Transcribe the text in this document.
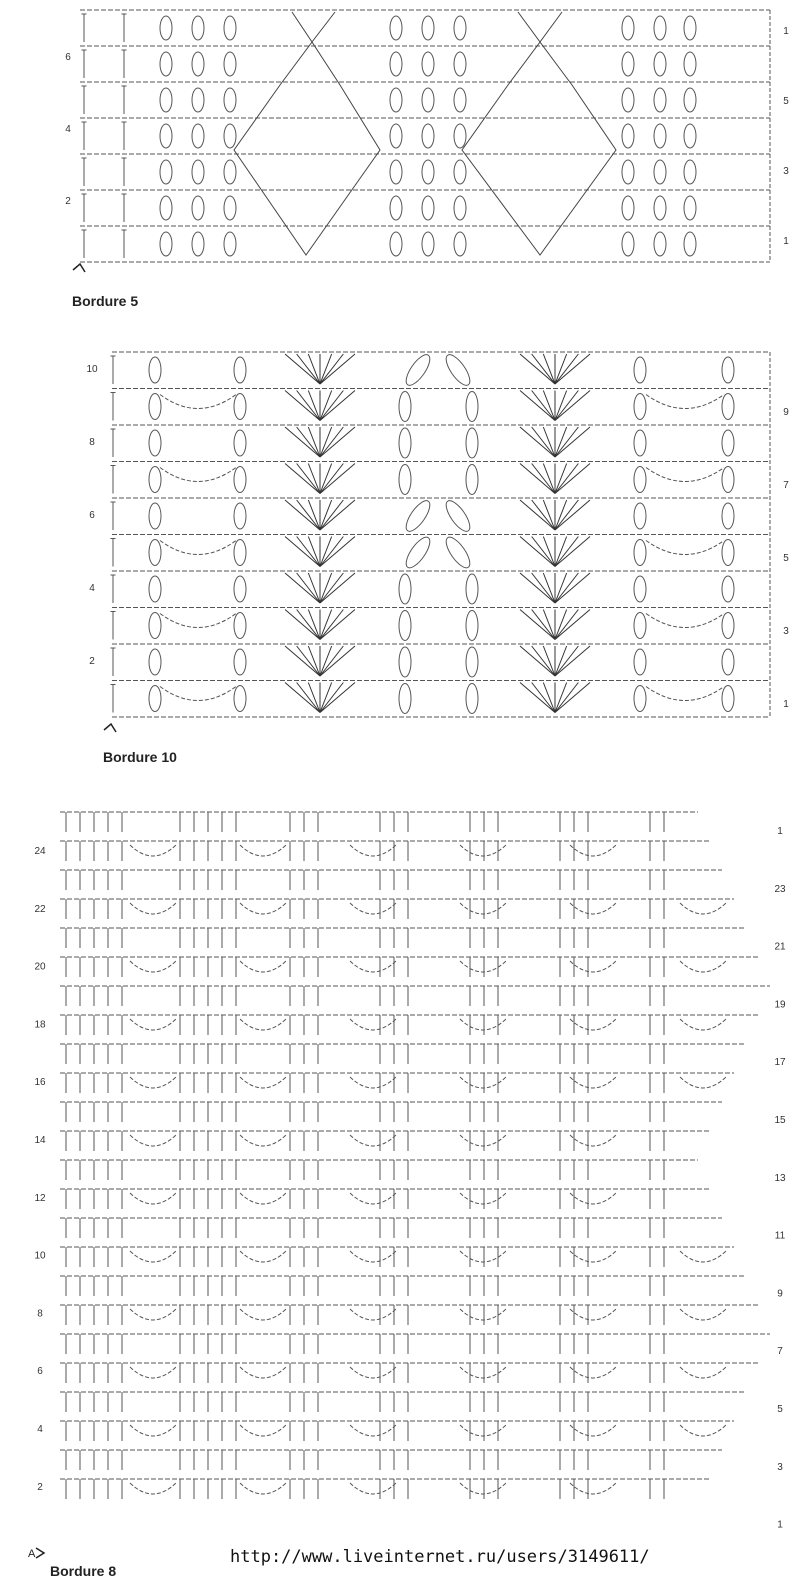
6
4
2
1
5
3
1
Bordure 5
10
8
6
4
2
9
7
5
3
1
Bordure 10
24
22
20
18
16
14
12
10
8
6
4
2
1
23
21
19
17
15
13
11
9
7
5
3
1
A
Bordure 8
http://www.liveinternet.ru/users/3149611/
